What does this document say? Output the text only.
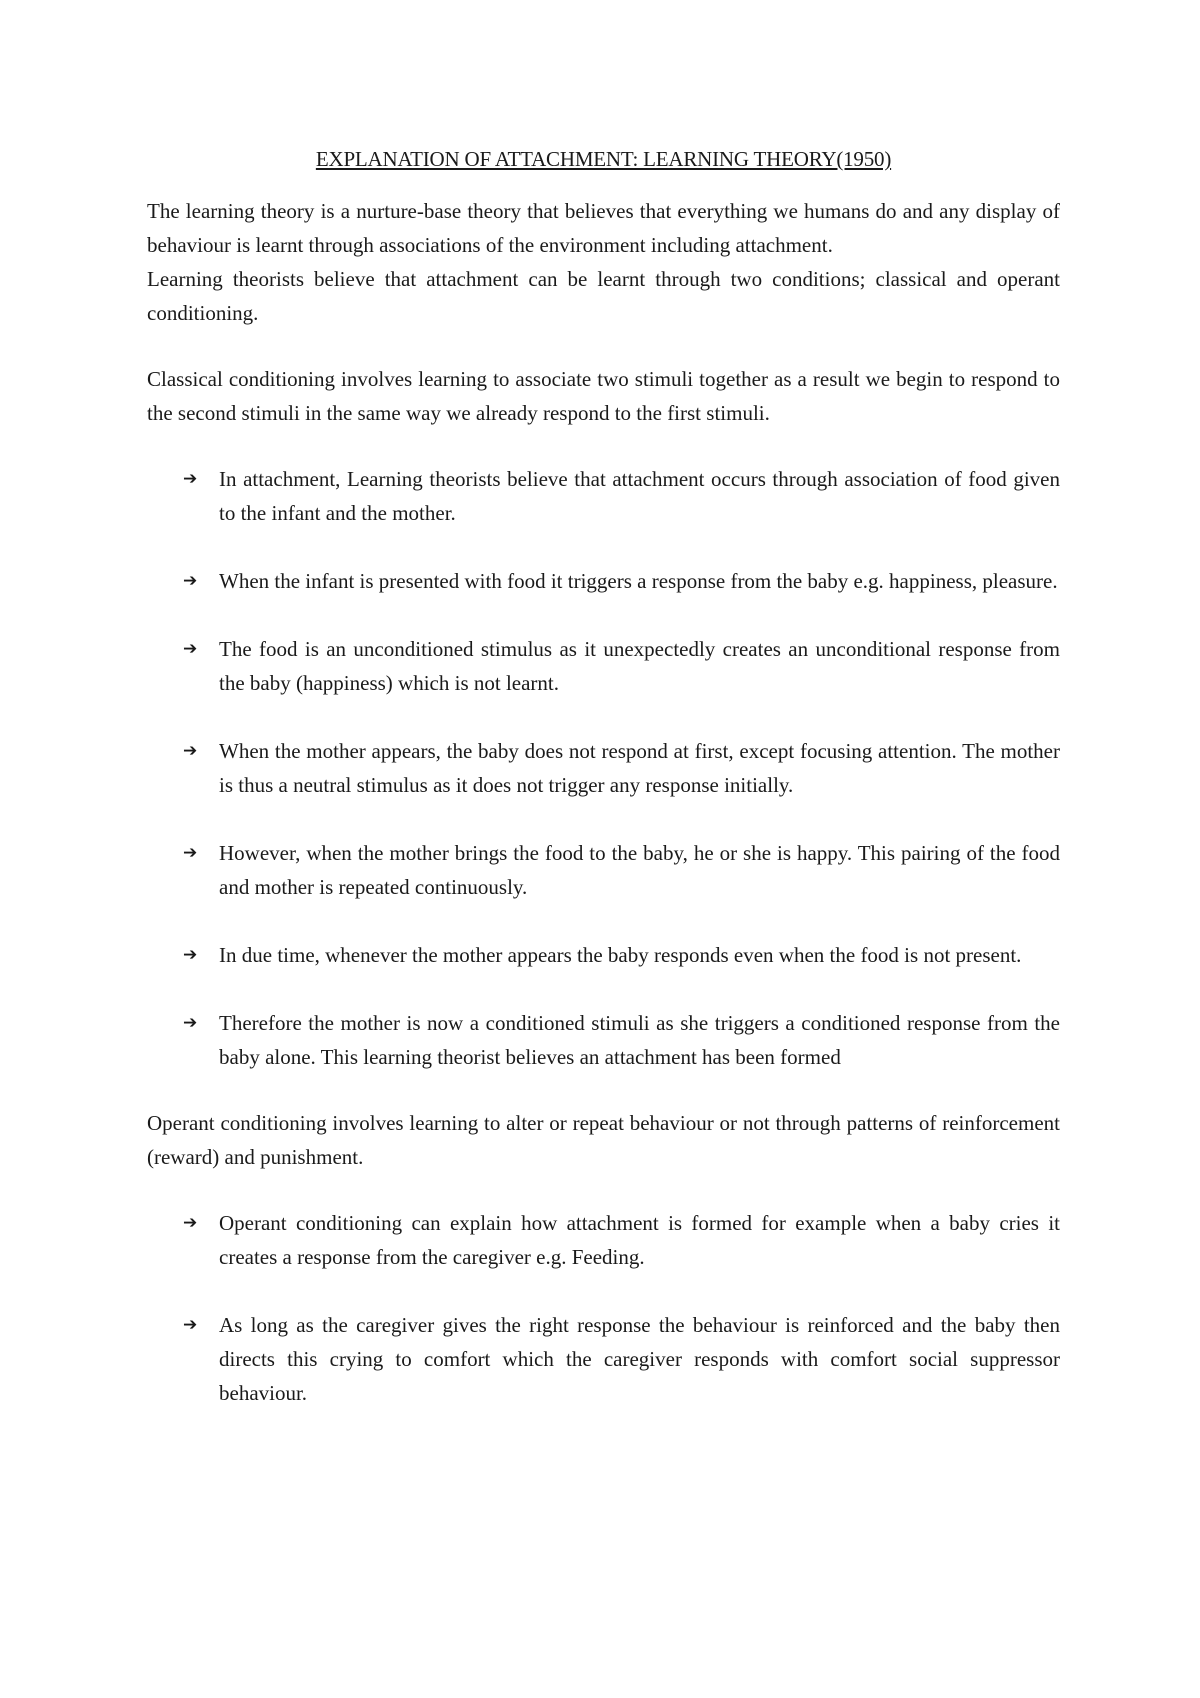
EXPLANATION OF ATTACHMENT: LEARNING THEORY(1950)

The learning theory is a nurture-base theory that believes that everything we humans do and any display of behaviour is learnt through associations of the environment including attachment.

Learning theorists believe that attachment can be learnt through two conditions; classical and operant conditioning.

Classical conditioning involves learning to associate two stimuli together as a result we begin to respond to the second stimuli in the same way we already respond to the first stimuli.

➔ In attachment, Learning theorists believe that attachment occurs through association of food given to the infant and the mother.
➔ When the infant is presented with food it triggers a response from the baby e.g. happiness, pleasure.
➔ The food is an unconditioned stimulus as it unexpectedly creates an unconditional response from the baby (happiness) which is not learnt.
➔ When the mother appears, the baby does not respond at first, except focusing attention. The mother is thus a neutral stimulus as it does not trigger any response initially.
➔ However, when the mother brings the food to the baby, he or she is happy. This pairing of the food and mother is repeated continuously.
➔ In due time, whenever the mother appears the baby responds even when the food is not present.
➔ Therefore the mother is now a conditioned stimuli as she triggers a conditioned response from the baby alone. This learning theorist believes an attachment has been formed

Operant conditioning involves learning to alter or repeat behaviour or not through patterns of reinforcement (reward) and punishment.

➔ Operant conditioning can explain how attachment is formed for example when a baby cries it creates a response from the caregiver e.g. Feeding.
➔ As long as the caregiver gives the right response the behaviour is reinforced and the baby then directs this crying to comfort which the caregiver responds with comfort social suppressor behaviour.
